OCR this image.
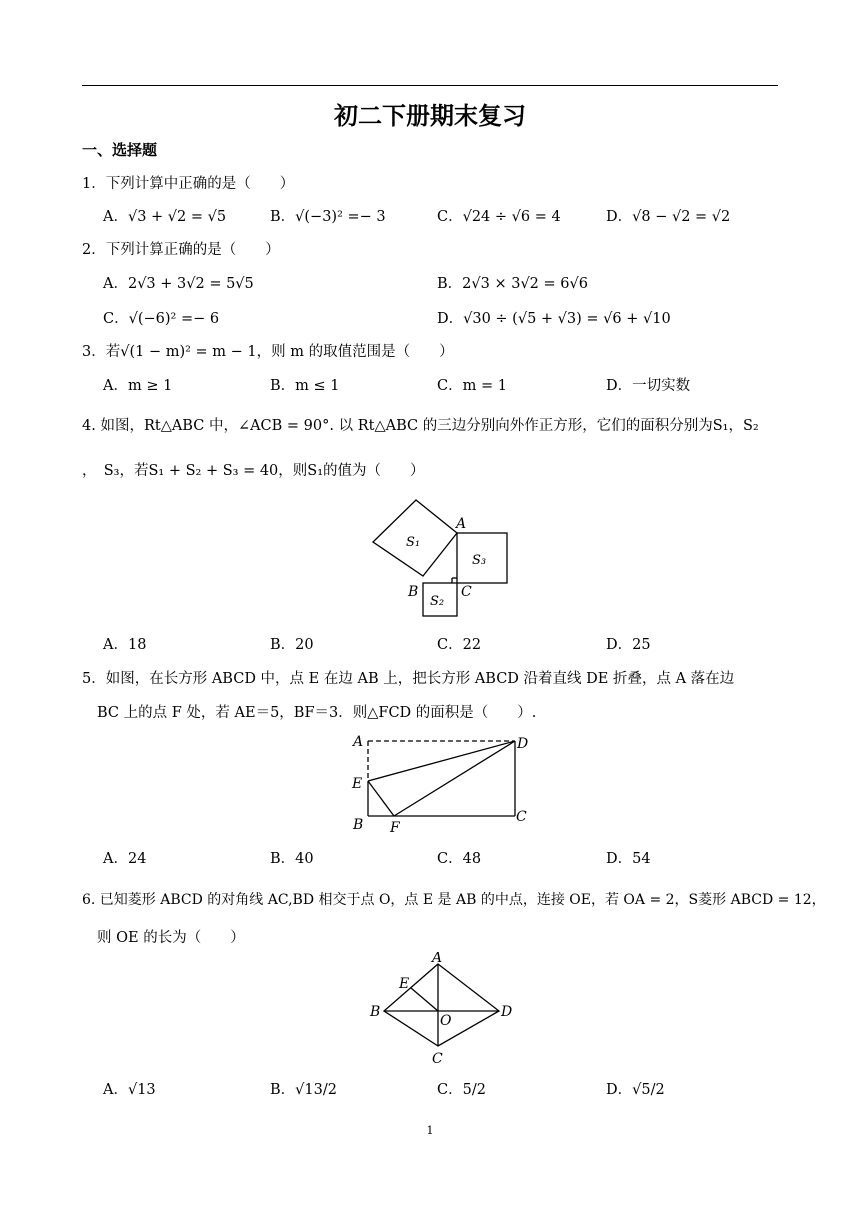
初二下册期末复习
一、选择题
1．下列计算中正确的是（　　）
A．√3 + √2 = √5	B．√(−3)² =− 3	C．√24 ÷ √6 = 4	D．√8 − √2 = √2
2．下列计算正确的是（　　）
A．2√3 + 3√2 = 5√5	B．2√3 × 3√2 = 6√6
C．√(−6)² =− 6	D．√30 ÷ (√5 + √3) = √6 + √10
3．若√(1 − m)² = m − 1，则 m 的取值范围是（　　）
A．m ≥ 1	B．m ≤ 1	C．m = 1	D．一切实数
4. 如图，Rt△ABC 中，∠ACB = 90°. 以 Rt△ABC 的三边分别向外作正方形，它们的面积分别为S₁，S₂
，　S₃，若S₁ + S₂ + S₃ = 40，则S₁的值为（　　）
A
B	C
S₁
S₃
S₂
A．18	B．20	C．22	D．25
5．如图，在长方形 ABCD 中，点 E 在边 AB 上，把长方形 ABCD 沿着直线 DE 折叠，点 A 落在边
BC 上的点 F 处，若 AE＝5，BF＝3．则△FCD 的面积是（　　）.
A	D
E
B	C
F
A．24	B．40	C．48	D．54
6. 已知菱形 ABCD 的对角线 AC,BD 相交于点 O，点 E 是 AB 的中点，连接 OE，若 OA = 2，S菱形 ABCD = 12，
则 OE 的长为（　　）
A
B
C
D
E
O
A．√13	B．√13/2	C．5/2	D．√5/2
1
